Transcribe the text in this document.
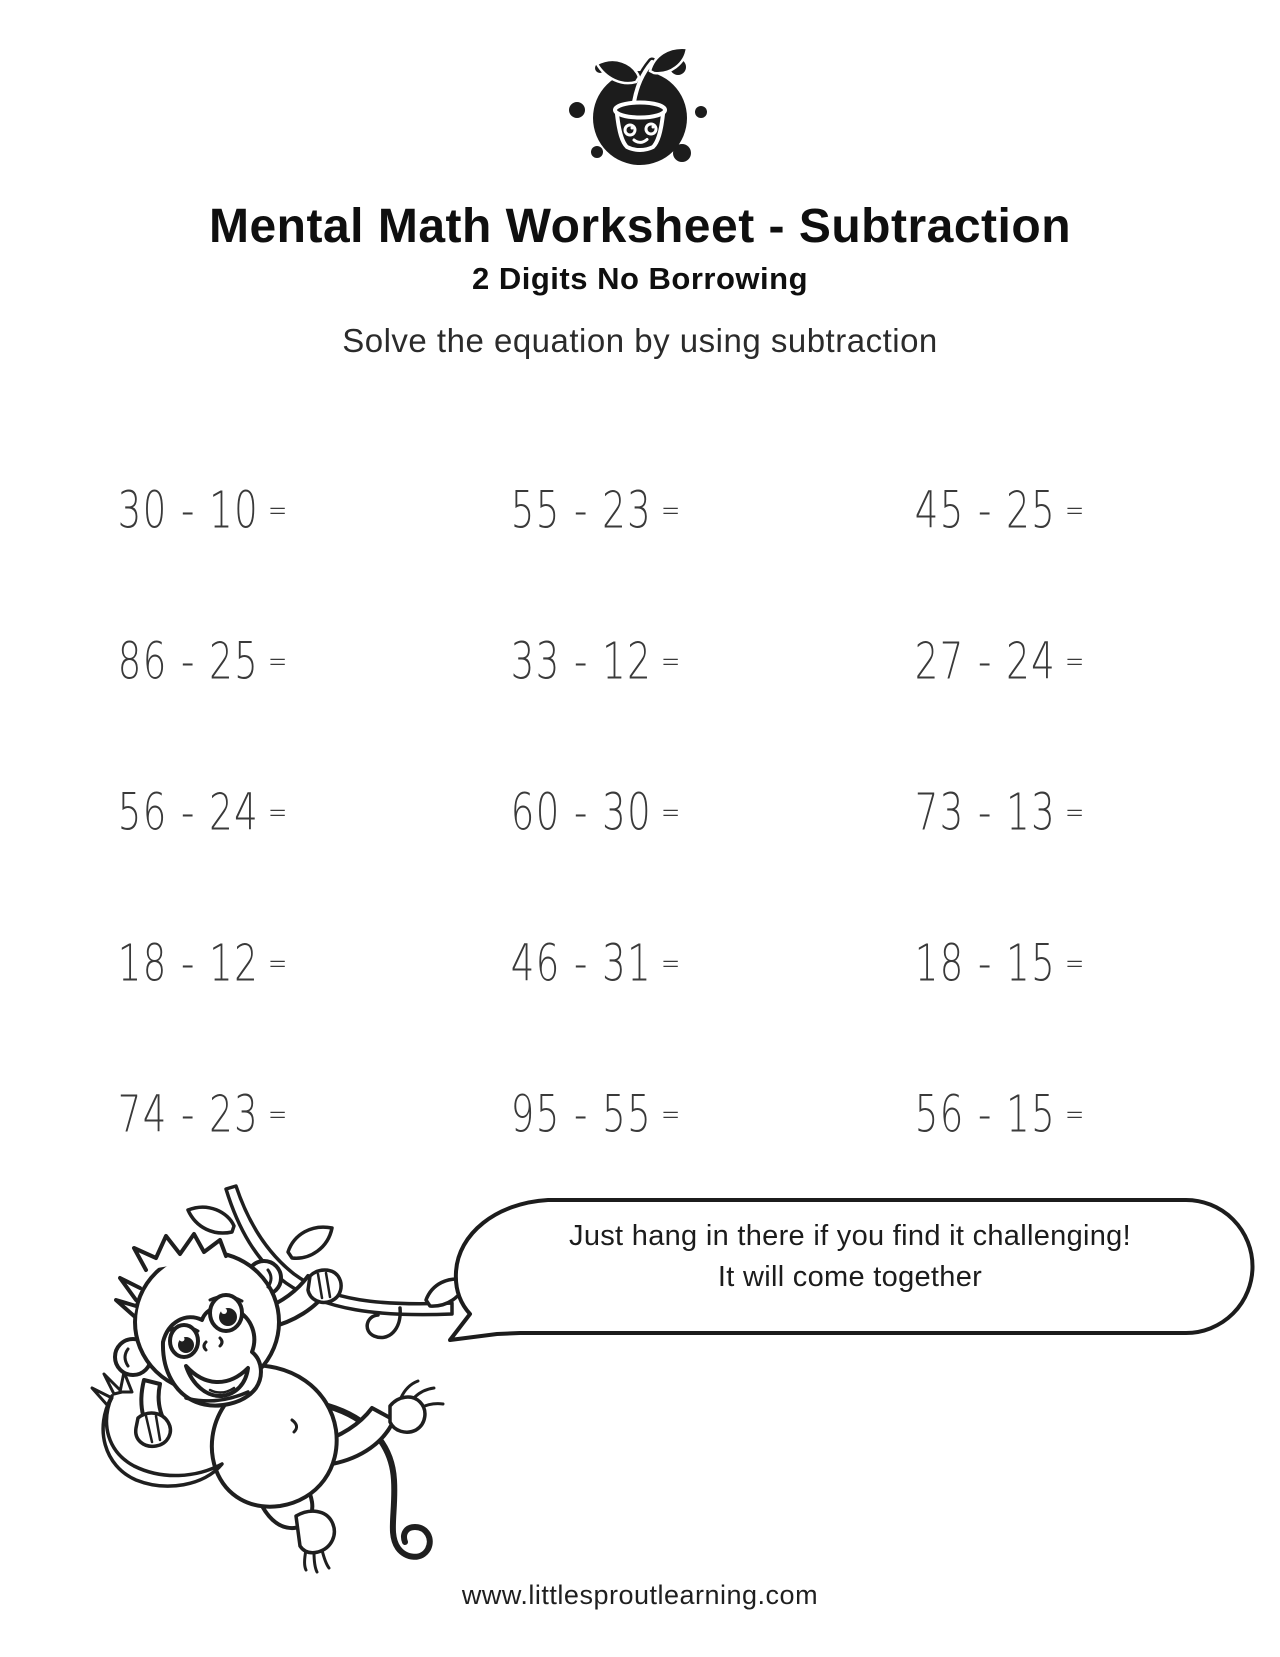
Mental Math Worksheet - Subtraction
2 Digits No Borrowing
Solve the equation by using subtraction
30 - 10 =	55 - 23 =	45 - 25 =
86 - 25 =	33 - 12 =	27 - 24 =
56 - 24 =	60 - 30 =	73 - 13 =
18 - 12 =	46 - 31 =	18 - 15 =
74 - 23 =	95 - 55 =	56 - 15 =
Just hang in there if you find it challenging!
It will come together
www.littlesproutlearning.com
